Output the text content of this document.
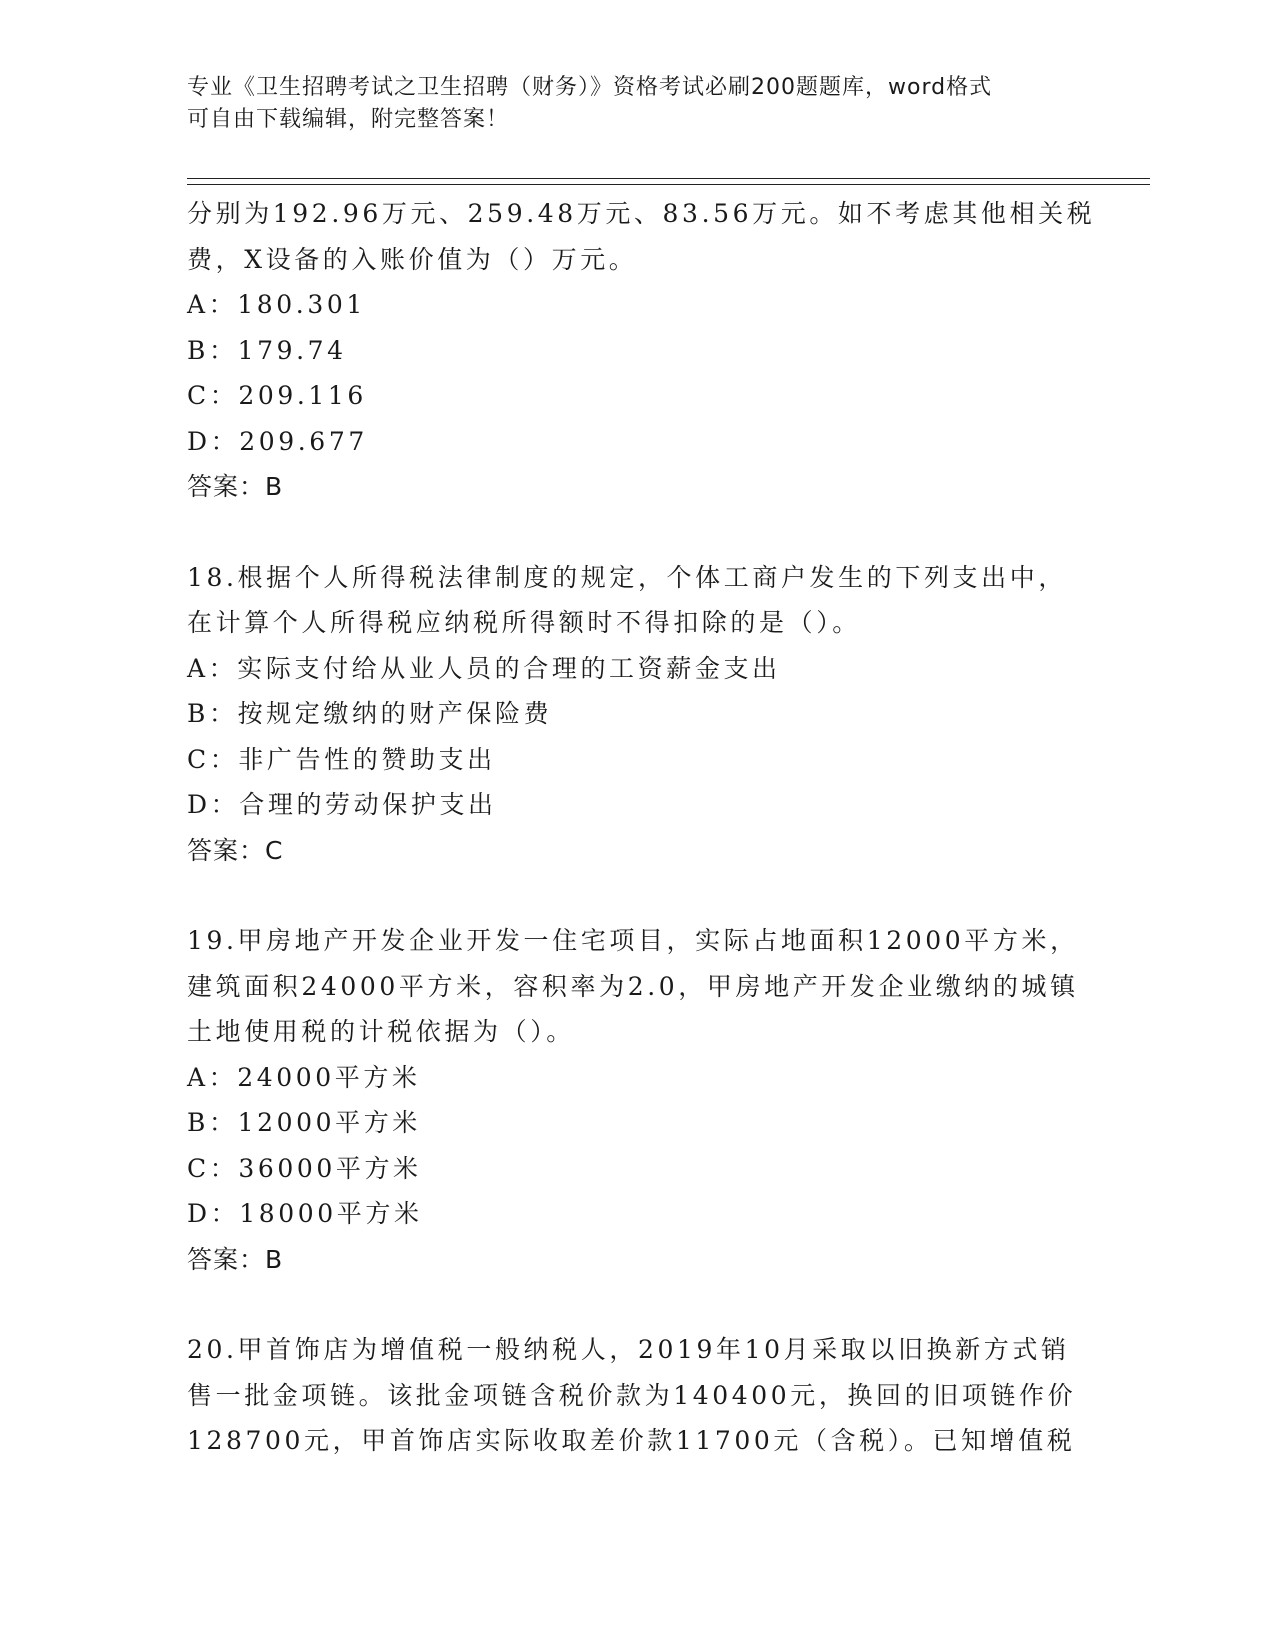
专业《卫生招聘考试之卫生招聘（财务）》资格考试必刷200题题库，word格式
可自由下载编辑，附完整答案！
分别为192.96万元、259.48万元、83.56万元。如不考虑其他相关税
费，X设备的入账价值为（）万元。
A：180.301
B：179.74
C：209.116
D：209.677
答案：B
18.根据个人所得税法律制度的规定，个体工商户发生的下列支出中，
在计算个人所得税应纳税所得额时不得扣除的是（）。
A：实际支付给从业人员的合理的工资薪金支出
B：按规定缴纳的财产保险费
C：非广告性的赞助支出
D：合理的劳动保护支出
答案：C
19.甲房地产开发企业开发一住宅项目，实际占地面积12000平方米，
建筑面积24000平方米，容积率为2.0，甲房地产开发企业缴纳的城镇
土地使用税的计税依据为（）。
A：24000平方米
B：12000平方米
C：36000平方米
D：18000平方米
答案：B
20.甲首饰店为增值税一般纳税人，2019年10月采取以旧换新方式销
售一批金项链。该批金项链含税价款为140400元，换回的旧项链作价
128700元，甲首饰店实际收取差价款11700元（含税）。已知增值税
